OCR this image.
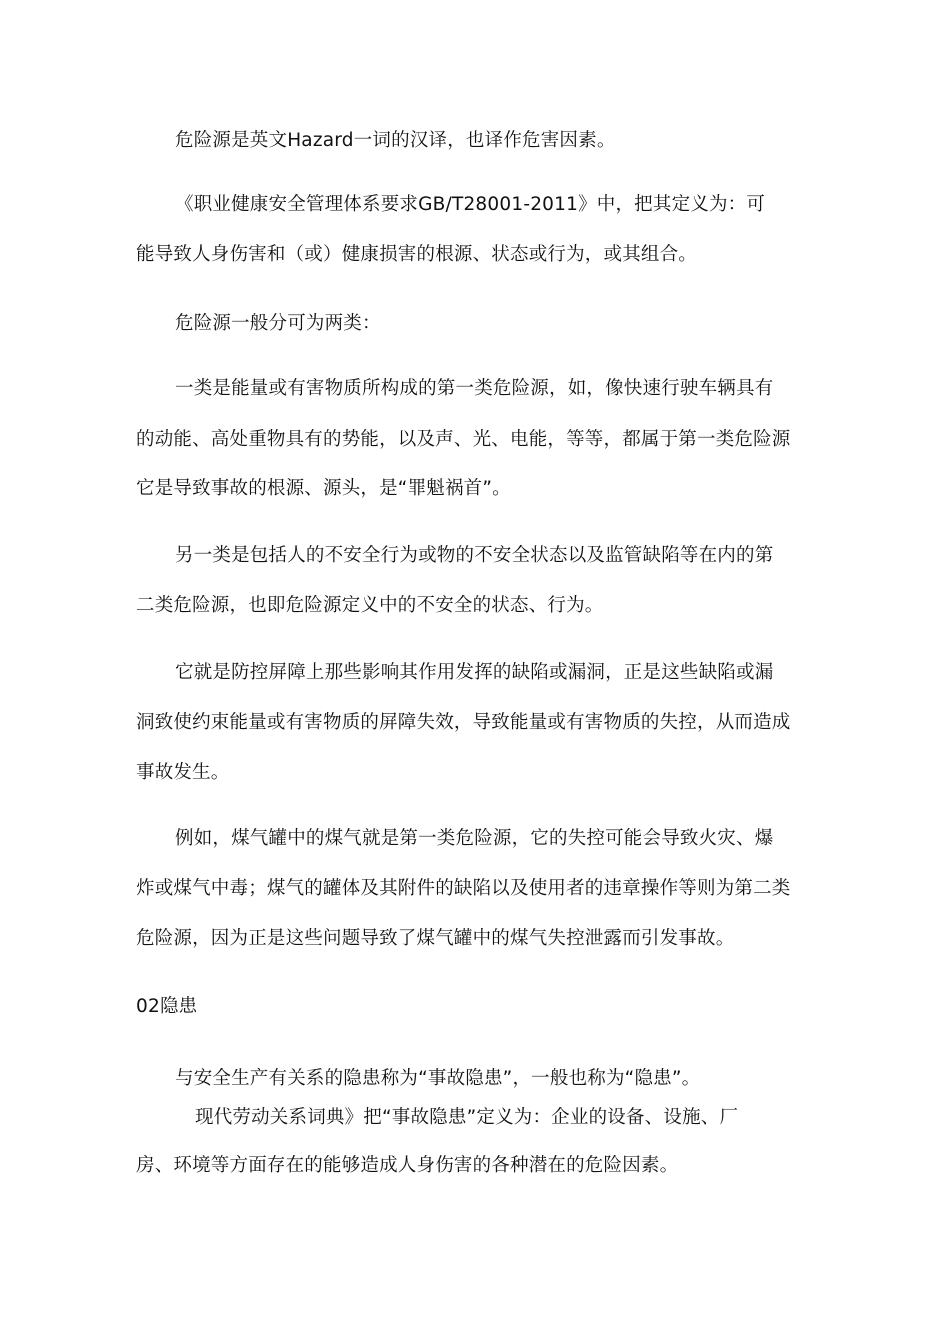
危险源是英文Hazard一词的汉译，也译作危害因素。
《职业健康安全管理体系要求GB/T28001-2011》中，把其定义为：可
能导致人身伤害和（或）健康损害的根源、状态或行为，或其组合。
危险源一般分可为两类：
一类是能量或有害物质所构成的第一类危险源，如，像快速行驶车辆具有
的动能、高处重物具有的势能，以及声、光、电能，等等，都属于第一类危险源
它是导致事故的根源、源头，是“罪魁祸首”。
另一类是包括人的不安全行为或物的不安全状态以及监管缺陷等在内的第
二类危险源，也即危险源定义中的不安全的状态、行为。
它就是防控屏障上那些影响其作用发挥的缺陷或漏洞，正是这些缺陷或漏
洞致使约束能量或有害物质的屏障失效，导致能量或有害物质的失控，从而造成
事故发生。
例如，煤气罐中的煤气就是第一类危险源，它的失控可能会导致火灾、爆
炸或煤气中毒；煤气的罐体及其附件的缺陷以及使用者的违章操作等则为第二类
危险源，因为正是这些问题导致了煤气罐中的煤气失控泄露而引发事故。
02隐患
与安全生产有关系的隐患称为“事故隐患”，一般也称为“隐患”。
现代劳动关系词典》把“事故隐患”定义为：企业的设备、设施、厂
房、环境等方面存在的能够造成人身伤害的各种潜在的危险因素。
